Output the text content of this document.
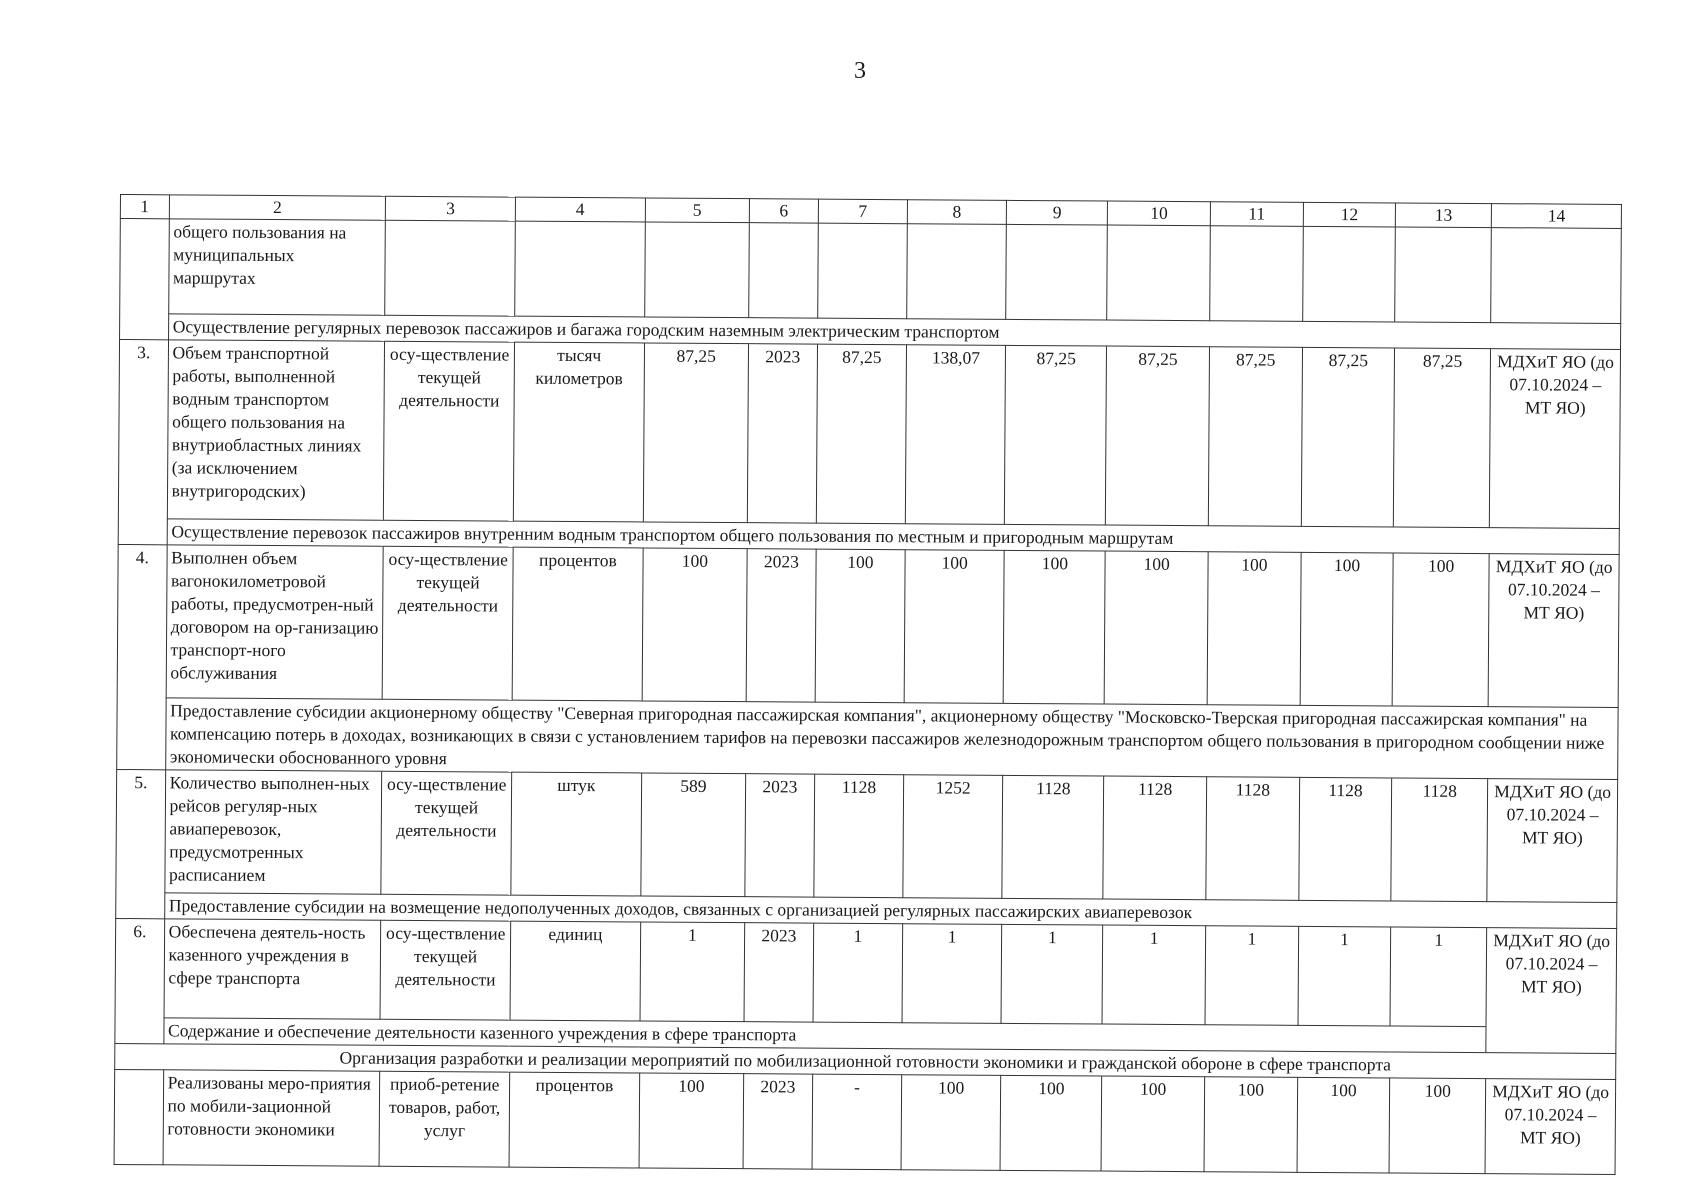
3
1	2	3	4	5	6	7	8	9	10	11	12	13	14
	общего пользования на муниципальных маршрутах												
	Осуществление регулярных перевозок пассажиров и багажа городским наземным электрическим транспортом												
3.	Объем транспортной работы, выполненной водным транспортом общего пользования на внутриобластных линиях (за исключением внутригородских)	осу-ществление текущей деятельности	тысяч километров	87,25	2023	87,25	138,07	87,25	87,25	87,25	87,25	87,25	МДХиТ ЯО (до 07.10.2024 – МТ ЯО)
	Осуществление перевозок пассажиров внутренним водным транспортом общего пользования по местным и пригородным маршрутам												
4.	Выполнен объем вагонокилометровой работы, предусмотрен-ный договором на ор-ганизацию транспорт-ного обслуживания	осу-ществление текущей деятельности	процентов	100	2023	100	100	100	100	100	100	100	МДХиТ ЯО (до 07.10.2024 – МТ ЯО)
	Предоставление субсидии акционерному обществу "Северная пригородная пассажирская компания", акционерному обществу "Московско-Тверская пригородная пассажирская компания" на компенсацию потерь в доходах, возникающих в связи с установлением тарифов на перевозки пассажиров железнодорожным транспортом общего пользования в пригородном сообщении ниже экономически обоснованного уровня												
5.	Количество выполнен-ных рейсов регуляр-ных авиаперевозок, предусмотренных расписанием	осу-ществление текущей деятельности	штук	589	2023	1128	1252	1128	1128	1128	1128	1128	МДХиТ ЯО (до 07.10.2024 – МТ ЯО)
	Предоставление субсидии на возмещение недополученных доходов, связанных с организацией регулярных пассажирских авиаперевозок												
6.	Обеспечена деятель-ность казенного учреждения в сфере транспорта	осу-ществление текущей деятельности	единиц	1	2023	1	1	1	1	1	1	1	МДХиТ ЯО (до 07.10.2024 – МТ ЯО)
	Содержание и обеспечение деятельности казенного учреждения в сфере транспорта												
Организация разработки и реализации мероприятий по мобилизационной готовности экономики и гражданской обороне в сфере транспорта													
	Реализованы меро-приятия по мобили-зационной готовности экономики	приоб-ретение товаров, работ, услуг	процентов	100	2023	-	100	100	100	100	100	100	МДХиТ ЯО (до 07.10.2024 – МТ ЯО)
